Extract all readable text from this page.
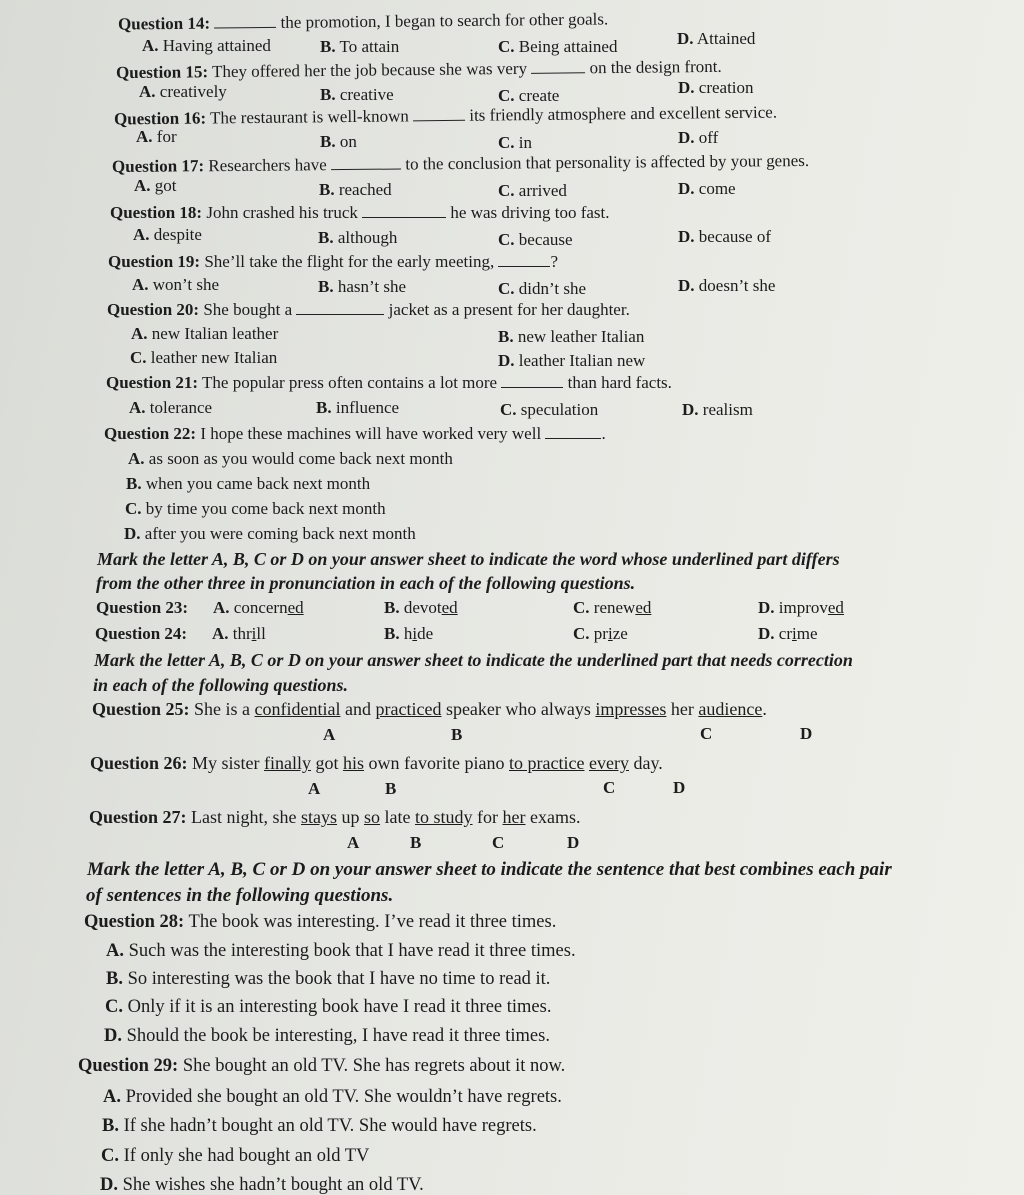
Question 14:	the promotion, I began to search for other goals.
A. Having attained	B. To attain	C. Being attained	D. Attained
Question 15: They offered her the job because she was very	on the design front.
A. creatively	B. creative	C. create	D. creation
Question 16: The restaurant is well-known	its friendly atmosphere and excellent service.
A. for	B. on	C. in	D. off
Question 17: Researchers have	to the conclusion that personality is affected by your genes.
A. got	B. reached	C. arrived	D. come
Question 18: John crashed his truck	he was driving too fast.
A. despite	B. although	C. because	D. because of
Question 19: She’ll take the flight for the early meeting,	?
A. won’t she	B. hasn’t she	C. didn’t she	D. doesn’t she
Question 20: She bought a	jacket as a present for her daughter.
A. new Italian leather	B. new leather Italian
C. leather new Italian	D. leather Italian new
Question 21: The popular press often contains a lot more	than hard facts.
A. tolerance	B. influence	C. speculation	D. realism
Question 22: I hope these machines will have worked very well	.
A. as soon as you would come back next month
B. when you came back next month
C. by time you come back next month
D. after you were coming back next month
Mark the letter A, B, C or D on your answer sheet to indicate the word whose underlined part differs
from the other three in pronunciation in each of the following questions.
Question 23: A. concerned	B. devoted	C. renewed	D. improved
Question 24: A. thrill	B. hide	C. prize	D. crime
Mark the letter A, B, C or D on your answer sheet to indicate the underlined part that needs correction
in each of the following questions.
Question 25: She is a confidential and practiced speaker who always impresses her audience.
A	B	C	D
Question 26: My sister finally got his own favorite piano to practice every day.
A	B	C	D
Question 27: Last night, she stays up so late to study for her exams.
A	B	C	D
Mark the letter A, B, C or D on your answer sheet to indicate the sentence that best combines each pair
of sentences in the following questions.
Question 28: The book was interesting. I’ve read it three times.
A. Such was the interesting book that I have read it three times.
B. So interesting was the book that I have no time to read it.
C. Only if it is an interesting book have I read it three times.
D. Should the book be interesting, I have read it three times.
Question 29: She bought an old TV. She has regrets about it now.
A. Provided she bought an old TV. She wouldn’t have regrets.
B. If she hadn’t bought an old TV. She would have regrets.
C. If only she had bought an old TV
D. She wishes she hadn’t bought an old TV.
